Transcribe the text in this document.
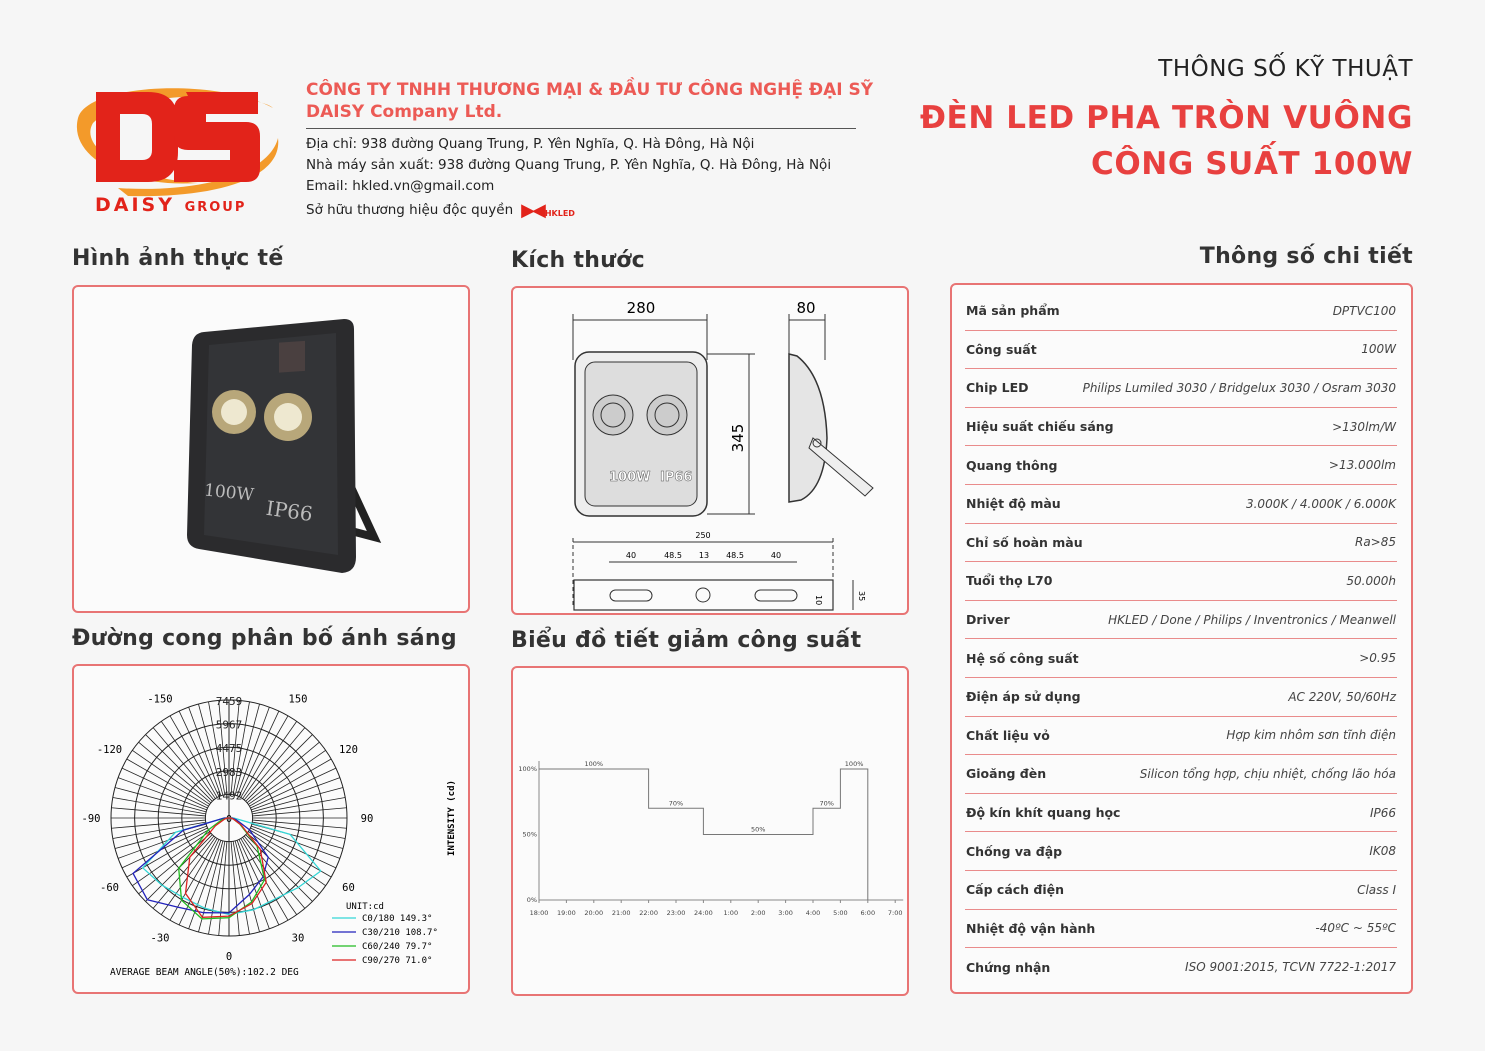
DAISY GROUP
CÔNG TY TNHH THƯƠNG MẠI & ĐẦU TƯ CÔNG NGHỆ ĐẠI SỸ
DAISY Company Ltd.
Địa chỉ: 938 đường Quang Trung, P. Yên Nghĩa, Q. Hà Đông, Hà Nội
Nhà máy sản xuất: 938 đường Quang Trung, P. Yên Nghĩa, Q. Hà Đông, Hà Nội
Email: hkled.vn@gmail.com
Sở hữu thương hiệu độc quyền ▶◀ HKLED
THÔNG SỐ KỸ THUẬT
ĐÈN LED PHA TRÒN VUÔNG
CÔNG SUẤT 100W
Hình ảnh thực tế	Kích thước	Thông số chi tiết
Đường cong phân bố ánh sáng Biểu đồ tiết giảm công suất
100W
IP66
280	80
345
100W IP66
250
40	48.5 13 48.5	40
10	35
Mã sản phẩm	DPTVC100
Công suất	100W
Chip LED	Philips Lumiled 3030 / Bridgelux 3030 / Osram 3030
Hiệu suất chiếu sáng	>130lm/W
Quang thông	>13.000lm
Nhiệt độ màu	3.000K / 4.000K / 6.000K
Chỉ số hoàn màu	Ra>85
Tuổi thọ L70	50.000h
Driver	HKLED / Done / Philips / Inventronics / Meanwell
Hệ số công suất	>0.95
Điện áp sử dụng	AC 220V, 50/60Hz
Chất liệu vỏ	Hợp kim nhôm sơn tĩnh điện
Gioăng đèn	Silicon tổng hợp, chịu nhiệt, chống lão hóa
Độ kín khít quang học	IP66
Chống va đập	IK08
Cấp cách điện	Class I
Nhiệt độ vận hành	-40ºC ~ 55ºC
Chứng nhận	ISO 9001:2015, TCVN 7722-1:2017
1492
2983
4475
5967
7459
0
-150	150
-120	120
-90	90
-60	60
-30	30
0
C0/180 149.3°
C30/210 108.7°
C60/240 79.7°
C90/270 71.0°
UNIT:cd
AVERAGE BEAM ANGLE(50%):102.2 DEG
INTENSITY (cd)
18:00 19:00 20:00 21:00 22:00 23:00 24:00 1:00 2:00 3:00 4:00 5:00 6:00 7:00
0%
50%
100%
100%
70%
50%
70%
100%
